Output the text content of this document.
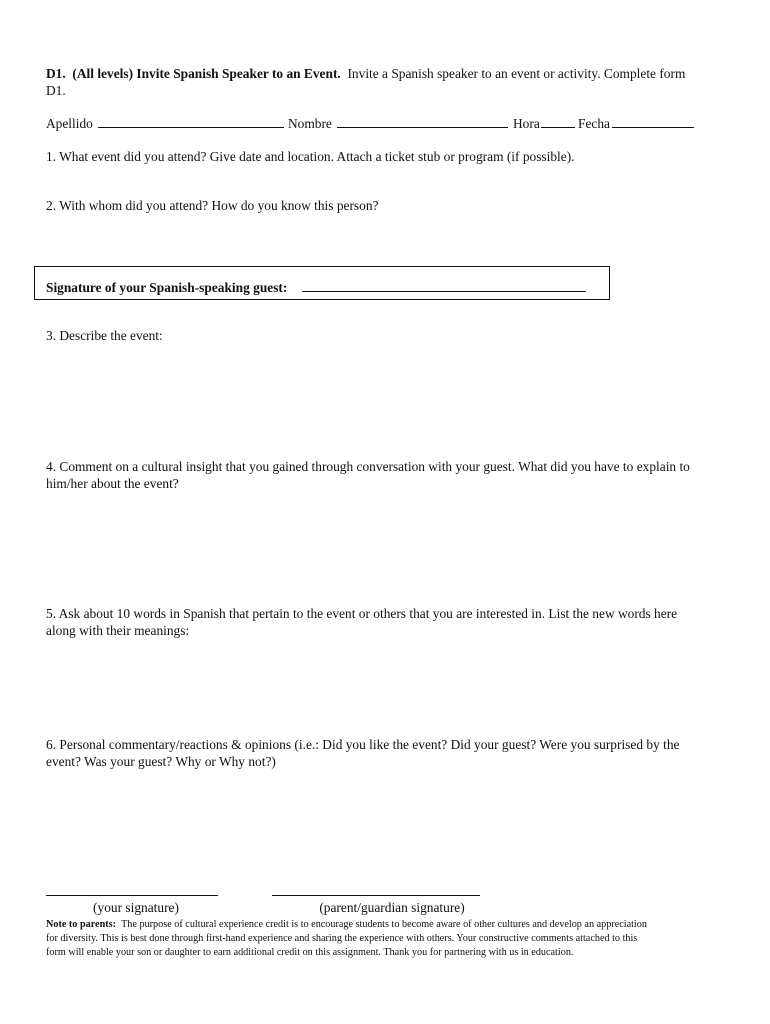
D1. (All levels) Invite Spanish Speaker to an Event. Invite a Spanish speaker to an event or activity. Complete form
D1.
Apellido	Nombre	Hora	Fecha
1. What event did you attend? Give date and location. Attach a ticket stub or program (if possible).
2. With whom did you attend? How do you know this person?
Signature of your Spanish-speaking guest:
3. Describe the event:
4. Comment on a cultural insight that you gained through conversation with your guest. What did you have to explain to
him/her about the event?
5. Ask about 10 words in Spanish that pertain to the event or others that you are interested in. List the new words here
along with their meanings:
6. Personal commentary/reactions & opinions (i.e.: Did you like the event? Did your guest? Were you surprised by the
event? Was your guest? Why or Why not?)
(your signature)	(parent/guardian signature)
Note to parents: The purpose of cultural experience credit is to encourage students to become aware of other cultures and develop an appreciation
for diversity. This is best done through first-hand experience and sharing the experience with others. Your constructive comments attached to this
form will enable your son or daughter to earn additional credit on this assignment. Thank you for partnering with us in education.
